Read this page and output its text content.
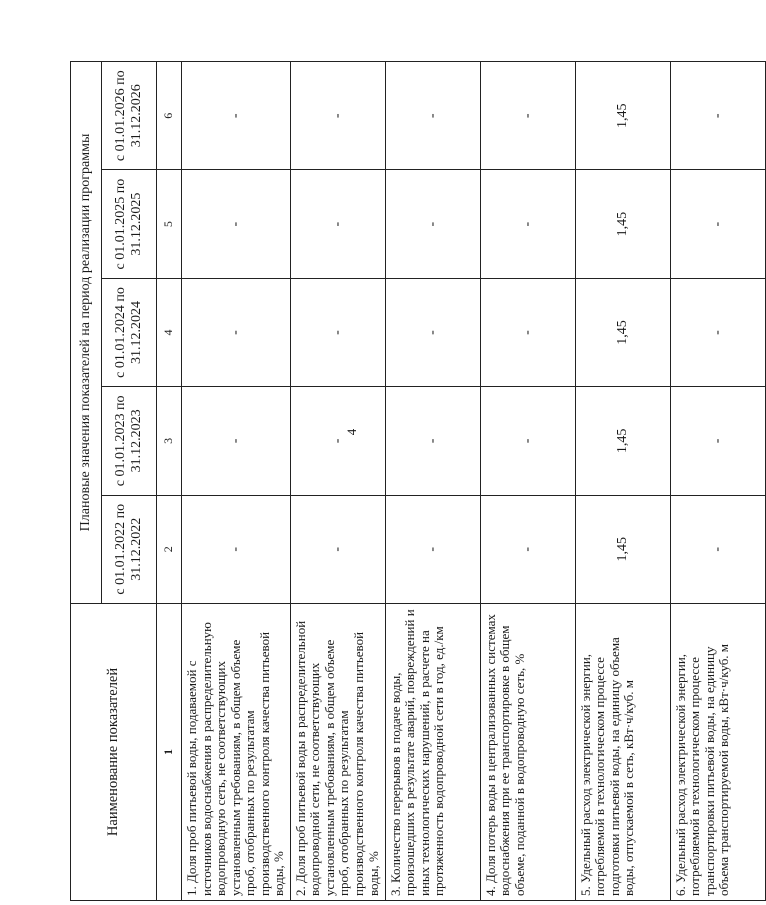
4
Наименование показателей	Плановые значения показателей на период реализации программы				
	с 01.01.2022 по 31.12.2022	с 01.01.2023 по 31.12.2023	с 01.01.2024 по 31.12.2024	с 01.01.2025 по 31.12.2025	с 01.01.2026 по 31.12.2026
1	2	3	4	5	6
1. Доля проб питьевой воды, подаваемой с источников водоснабжения в распределительную водопроводную сеть, не соответствующих установленным требованиям, в общем объеме проб, отобранных по результатам производственного контроля качества питьевой воды, %	-	-	-	-	-
2. Доля проб питьевой воды в распределительной водопроводной сети, не соответствующих установленным требованиям, в общем объеме проб, отобранных по результатам производственного контроля качества питьевой воды, %	-	-	-	-	-
3. Количество перерывов в подаче воды, произошедших в результате аварий, повреждений и иных технологических нарушений, в расчете на протяженность водопроводной сети в год, ед./км	-	-	-	-	-
4. Доля потерь воды в централизованных системах водоснабжения при ее транспортировке в общем объеме, поданной в водопроводную сеть, %	-	-	-	-	-
5. Удельный расход электрической энергии, потребляемой в технологическом процессе подготовки питьевой воды, на единицу объема воды, отпускаемой в сеть, кВт·ч/куб. м	1,45	1,45	1,45	1,45	1,45
6. Удельный расход электрической энергии, потребляемой в технологическом процессе транспортировки питьевой воды, на единицу объема транспортируемой воды, кВт·ч/куб. м	-	-	-	-	-
